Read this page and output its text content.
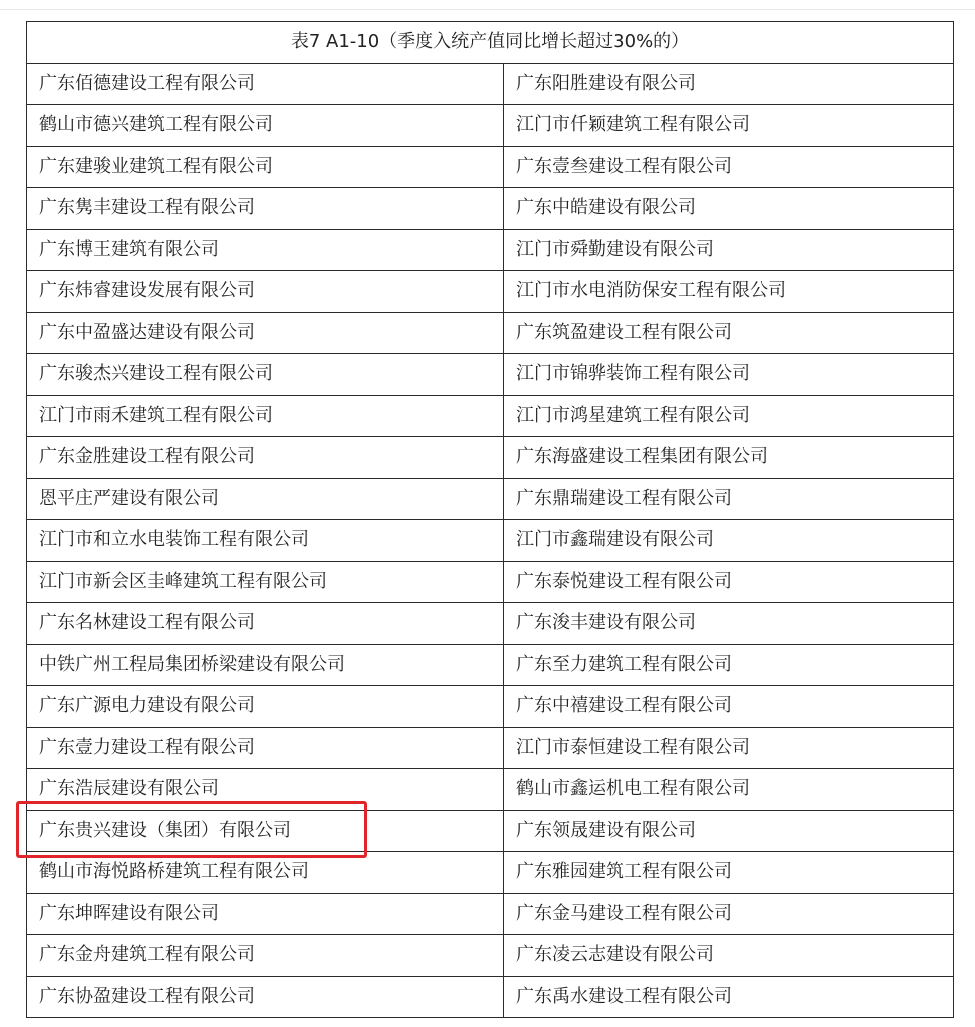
表7 A1-10（季度入统产值同比增长超过30%的）	
广东佰德建设工程有限公司	广东阳胜建设有限公司
鹤山市德兴建筑工程有限公司	江门市仟颖建筑工程有限公司
广东建骏业建筑工程有限公司	广东壹叁建设工程有限公司
广东隽丰建设工程有限公司	广东中皓建设有限公司
广东博王建筑有限公司	江门市舜勤建设有限公司
广东炜睿建设发展有限公司	江门市水电消防保安工程有限公司
广东中盈盛达建设有限公司	广东筑盈建设工程有限公司
广东骏杰兴建设工程有限公司	江门市锦骅装饰工程有限公司
江门市雨禾建筑工程有限公司	江门市鸿星建筑工程有限公司
广东金胜建设工程有限公司	广东海盛建设工程集团有限公司
恩平庄严建设有限公司	广东鼎瑞建设工程有限公司
江门市和立水电装饰工程有限公司	江门市鑫瑞建设有限公司
江门市新会区圭峰建筑工程有限公司	广东泰悦建设工程有限公司
广东名林建设工程有限公司	广东浚丰建设有限公司
中铁广州工程局集团桥梁建设有限公司	广东至力建筑工程有限公司
广东广源电力建设有限公司	广东中禧建设工程有限公司
广东壹力建设工程有限公司	江门市泰恒建设工程有限公司
广东浩辰建设有限公司	鹤山市鑫运机电工程有限公司
广东贵兴建设（集团）有限公司	广东领晟建设有限公司
鹤山市海悦路桥建筑工程有限公司	广东雅园建筑工程有限公司
广东坤晖建设有限公司	广东金马建设工程有限公司
广东金舟建筑工程有限公司	广东凌云志建设有限公司
广东协盈建设工程有限公司	广东禹水建设工程有限公司
